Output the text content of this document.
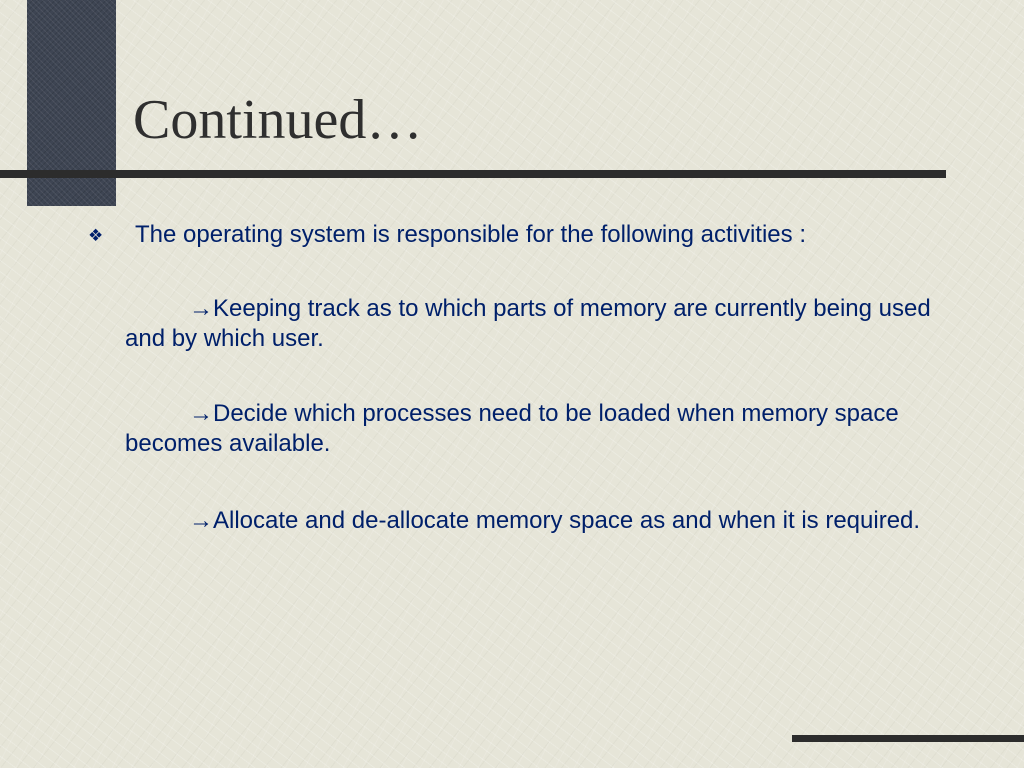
Continued…
❖ The operating system is responsible for the following activities :

→Keeping track as to which parts of memory are currently being used and by which user.

→Decide which processes need to be loaded when memory space becomes available.

→Allocate and de-allocate memory space as and when it is required.
